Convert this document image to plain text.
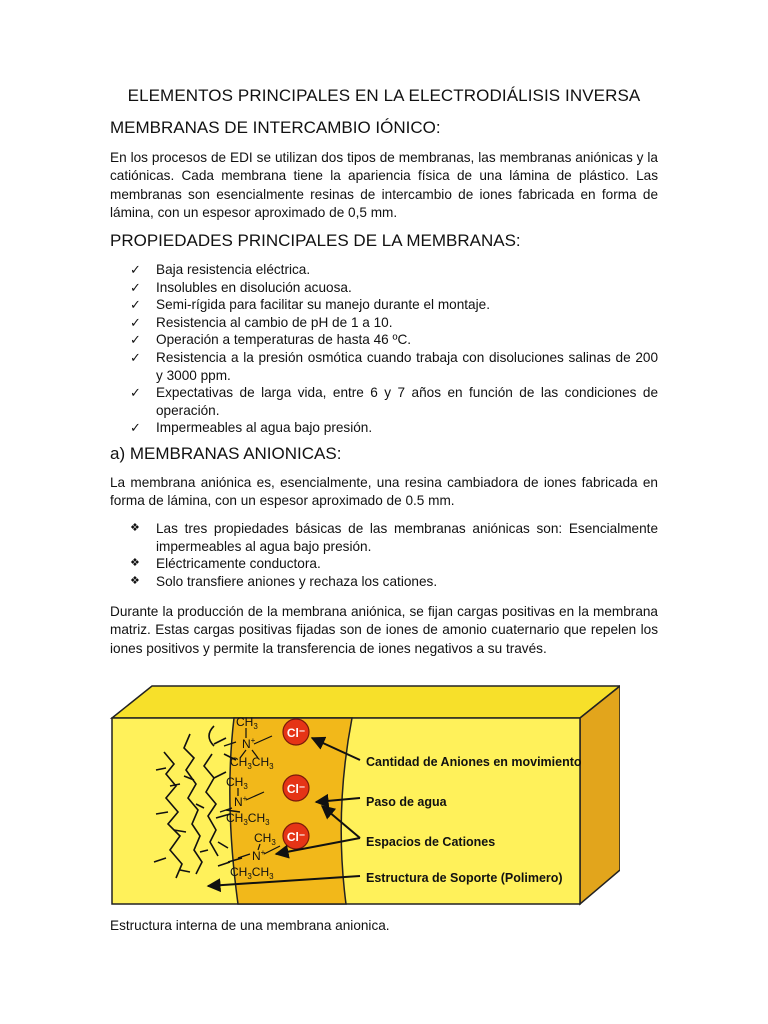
ELEMENTOS PRINCIPALES EN LA ELECTRODIÁLISIS INVERSA
MEMBRANAS DE INTERCAMBIO IÓNICO:
En los procesos de EDI se utilizan dos tipos de membranas, las membranas aniónicas y la catiónicas. Cada membrana tiene la apariencia física de una lámina de plástico. Las membranas son esencialmente resinas de intercambio de iones fabricada en forma de lámina, con un espesor aproximado de 0,5 mm.
PROPIEDADES PRINCIPALES DE LA MEMBRANAS:
✓	Baja resistencia eléctrica.
✓	Insolubles en disolución acuosa.
✓	Semi-rígida para facilitar su manejo durante el montaje.
✓	Resistencia al cambio de pH de 1 a 10.
✓	Operación a temperaturas de hasta 46 ºC.
✓	Resistencia a la presión osmótica cuando trabaja con disoluciones salinas de 200 y 3000 ppm.
✓	Expectativas de larga vida, entre 6 y 7 años en función de las condiciones de operación.
✓	Impermeables al agua bajo presión.
a) MEMBRANAS ANIONICAS:
La membrana aniónica es, esencialmente, una resina cambiadora de iones fabricada en forma de lámina, con un espesor aproximado de 0.5 mm.
❖	Las tres propiedades básicas de las membranas aniónicas son: Esencialmente impermeables al agua bajo presión.
❖	Eléctricamente conductora.
❖	Solo transfiere aniones y rechaza los cationes.
Durante la producción de la membrana aniónica, se fijan cargas positivas en la membrana matriz. Estas cargas positivas fijadas son de iones de amonio cuaternario que repelen los iones positivos y permite la transferencia de iones negativos a su través.
$CH_3$
N+
$CH_3CH_3$
Cl⁻
$CH_3$
N+
$CH_3CH_3$
Cl⁻
$CH_3$
N+
$CH_3CH_3$
Cl⁻
Cantidad de Aniones en movimiento
Paso de agua
Espacios de Cationes
Estructura de Soporte (Polimero)
Estructura interna de una membrana anionica.
